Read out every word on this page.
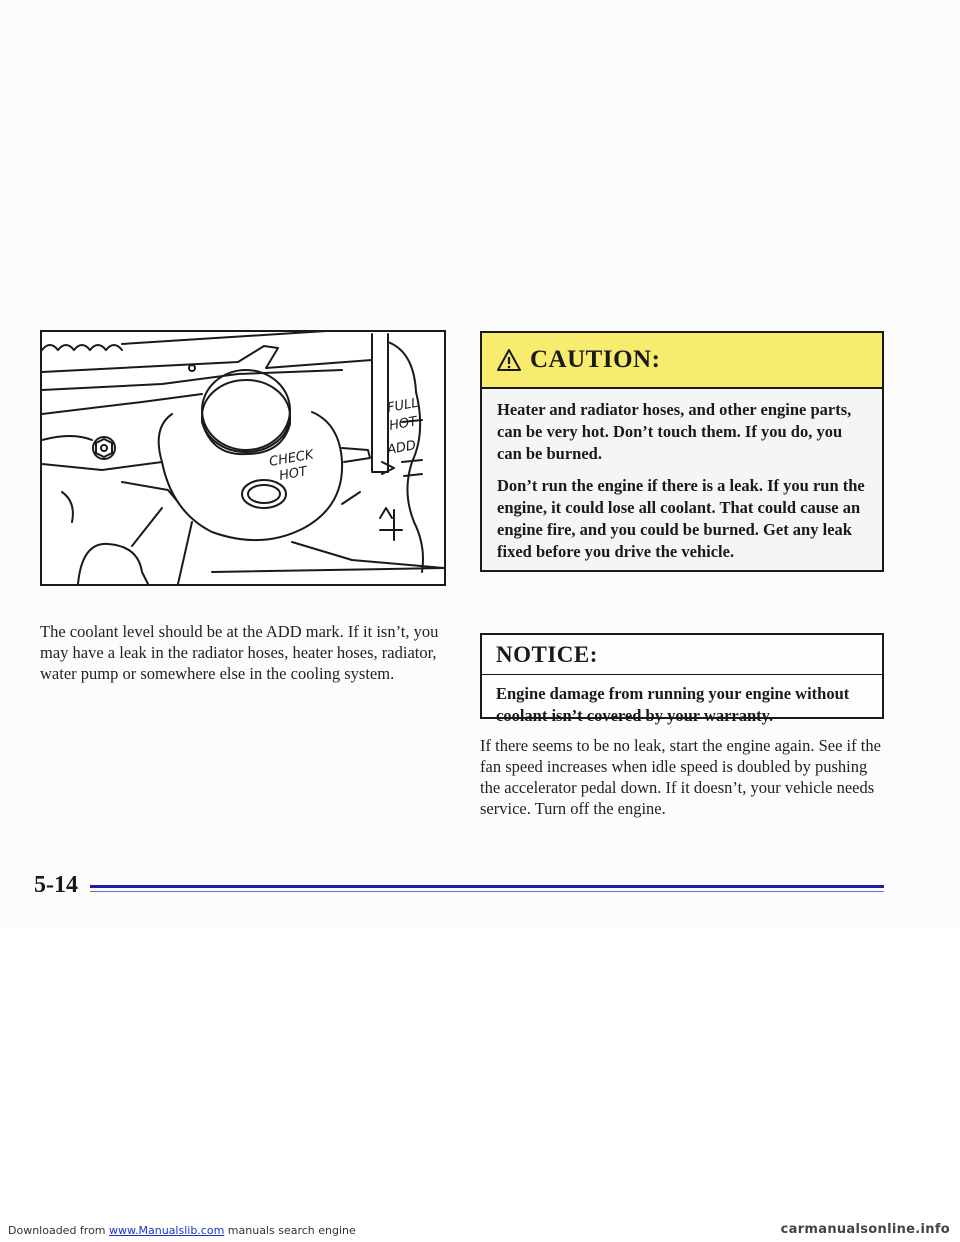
FULL
HOT
ADD
CHECK
HOT

The coolant level should be at the ADD mark. If it isn’t, you may have a leak in the radiator hoses, heater hoses, radiator, water pump or somewhere else in the cooling system.

CAUTION:

Heater and radiator hoses, and other engine parts, can be very hot. Don’t touch them. If you do, you can be burned.

Don’t run the engine if there is a leak. If you run the engine, it could lose all coolant. That could cause an engine fire, and you could be burned. Get any leak fixed before you drive the vehicle.

NOTICE:

Engine damage from running your engine without coolant isn’t covered by your warranty.

If there seems to be no leak, start the engine again. See if the fan speed increases when idle speed is doubled by pushing the accelerator pedal down. If it doesn’t, your vehicle needs service. Turn off the engine.

5-14
Downloaded from www.Manualslib.com manuals search engine	carmanualsonline.info
